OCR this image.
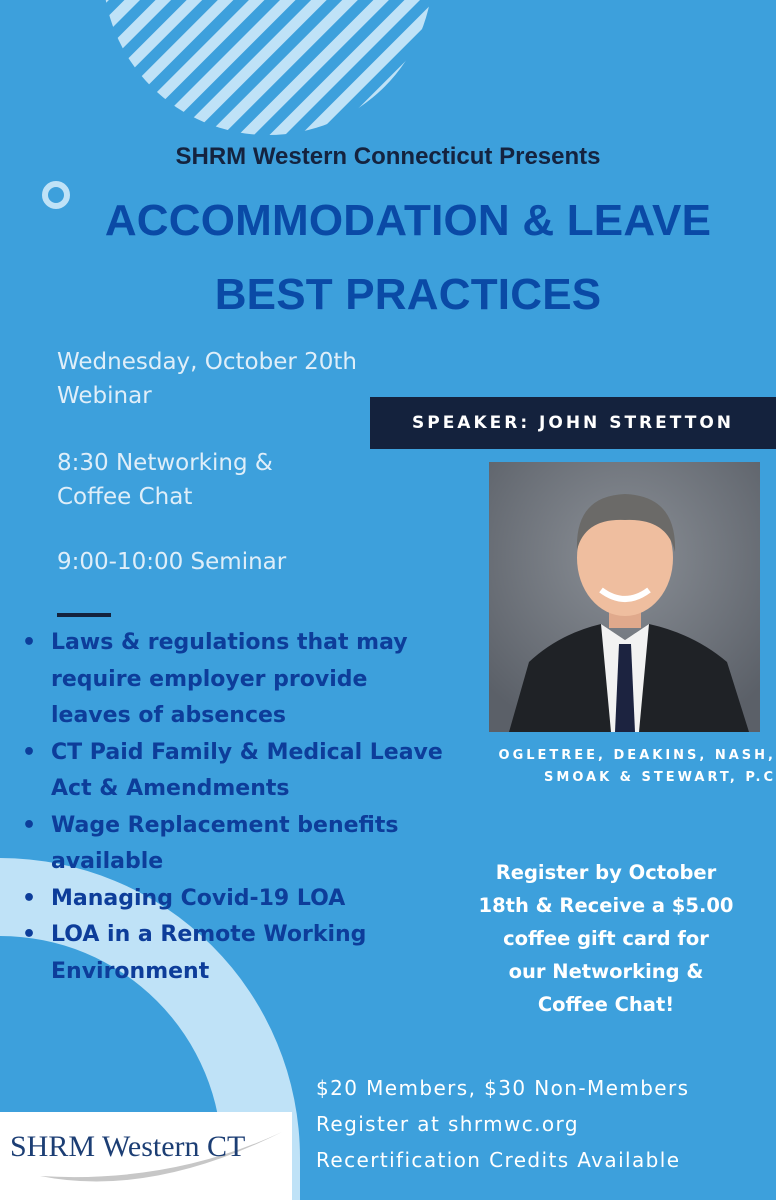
SHRM Western Connecticut Presents
ACCOMMODATION & LEAVE
BEST PRACTICES
Wednesday, October 20th
Webinar
8:30 Networking &
Coffee Chat
9:00-10:00 Seminar
SPEAKER: JOHN STRETTON
OGLETREE, DEAKINS, NASH,
SMOAK & STEWART, P.C
• Laws & regulations that may
require employer provide
leaves of absences
• CT Paid Family & Medical Leave
Act & Amendments
• Wage Replacement benefits
available
• Managing Covid-19 LOA
• LOA in a Remote Working
Environment
Register by October
18th & Receive a $5.00
coffee gift card for
our Networking &
Coffee Chat!
$20 Members, $30 Non-Members
Register at shrmwc.org
Recertification Credits Available
SHRM Western CT
